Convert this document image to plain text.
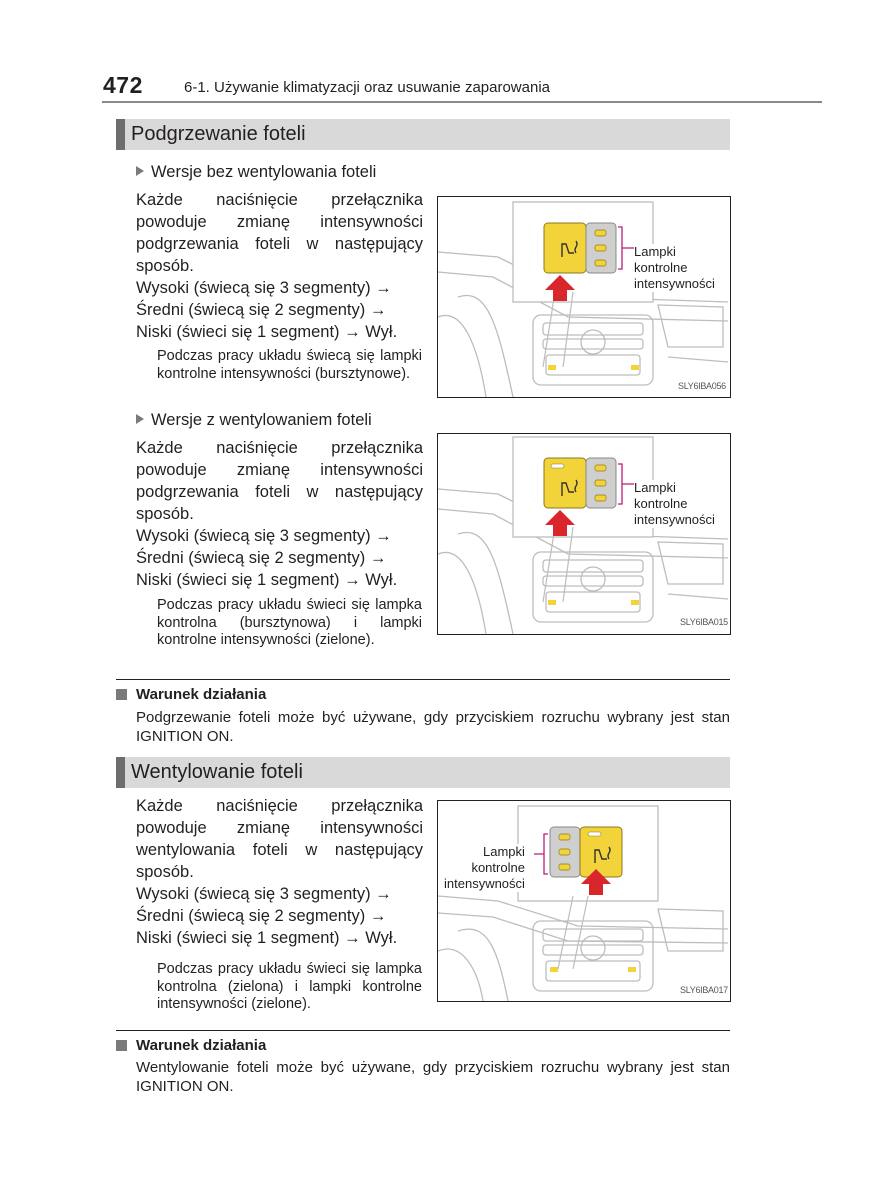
472	6-1. Używanie klimatyzacji oraz usuwanie zaparowania
Podgrzewanie foteli
Wersje bez wentylowania foteli
Każde naciśnięcie przełącznika
powoduje zmianę intensywności
podgrzewania foteli w następujący
sposób.
Wysoki (świecą się 3 segmenty) →
Średni (świecą się 2 segmenty) →
Niski (świeci się 1 segment) → Wył.
Podczas pracy układu świecą się lampki kontrolne intensywności (bursztynowe).
Lampki
kontrolne
intensywności
SLY6IBA056
Wersje z wentylowaniem foteli
Każde naciśnięcie przełącznika
powoduje zmianę intensywności
podgrzewania foteli w następujący
sposób.
Wysoki (świecą się 3 segmenty) →
Średni (świecą się 2 segmenty) →
Niski (świeci się 1 segment) → Wył.
Podczas pracy układu świeci się lampka kontrolna (bursztynowa) i lampki kontrolne intensywności (zielone).
Lampki
kontrolne
intensywności
SLY6IBA015
Warunek działania
Podgrzewanie foteli może być używane, gdy przyciskiem rozruchu wybrany jest stan IGNITION ON.
Wentylowanie foteli
Każde naciśnięcie przełącznika
powoduje zmianę intensywności
wentylowania foteli w następujący
sposób.
Wysoki (świecą się 3 segmenty) →
Średni (świecą się 2 segmenty) →
Niski (świeci się 1 segment) → Wył.
Podczas pracy układu świeci się lampka kontrolna (zielona) i lampki kontrolne intensywności (zielone).
Lampki
kontrolne
intensywności
SLY6IBA017
Warunek działania
Wentylowanie foteli może być używane, gdy przyciskiem rozruchu wybrany jest stan IGNITION ON.
